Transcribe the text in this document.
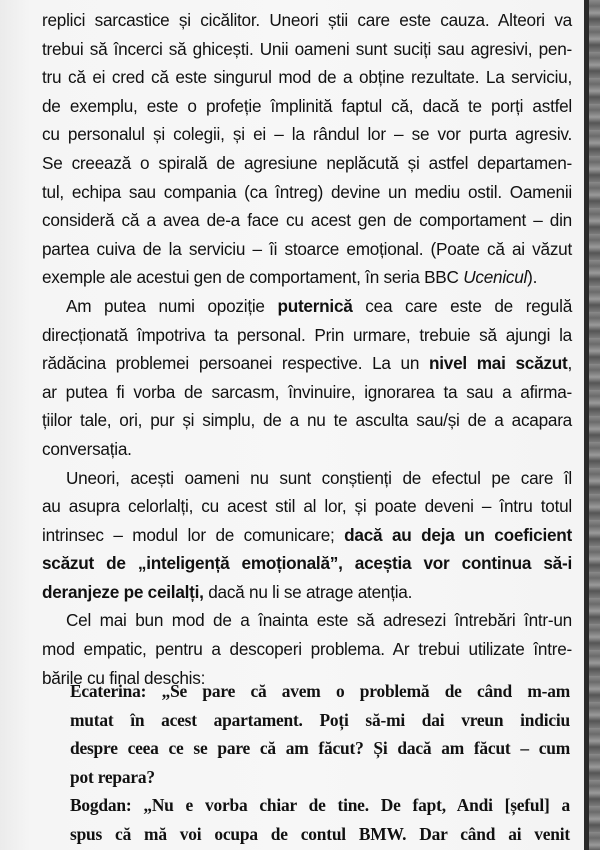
replici sarcastice și cicălitor. Uneori știi care este cauza. Alteori va
trebui să încerci să ghicești. Unii oameni sunt suciți sau agresivi, pen-
tru că ei cred că este singurul mod de a obține rezultate. La serviciu,
de exemplu, este o profeție împlinită faptul că, dacă te porți astfel
cu personalul și colegii, și ei – la rândul lor – se vor purta agresiv.
Se creează o spirală de agresiune neplăcută și astfel departamen-
tul, echipa sau compania (ca întreg) devine un mediu ostil. Oamenii
consideră că a avea de-a face cu acest gen de comportament – din
partea cuiva de la serviciu – îi stoarce emoțional. (Poate că ai văzut
exemple ale acestui gen de comportament, în seria BBC Ucenicul).
Am putea numi opoziție puternică cea care este de regulă
direcționată împotriva ta personal. Prin urmare, trebuie să ajungi la
rădăcina problemei persoanei respective. La un nivel mai scăzut,
ar putea fi vorba de sarcasm, învinuire, ignorarea ta sau a afirma-
țiilor tale, ori, pur și simplu, de a nu te asculta sau/și de a acapara
conversația.
Uneori, acești oameni nu sunt conștienți de efectul pe care îl
au asupra celorlalți, cu acest stil al lor, și poate deveni – întru totul
intrinsec – modul lor de comunicare; dacă au deja un coeficient
scăzut de „inteligență emoțională”, aceștia vor continua să-i
deranjeze pe ceilalți, dacă nu li se atrage atenția.
Cel mai bun mod de a înainta este să adresezi întrebări într-un
mod empatic, pentru a descoperi problema. Ar trebui utilizate între-
bările cu final deschis:
Ecaterina: „Se pare că avem o problemă de când m-am
mutat în acest apartament. Poți să-mi dai vreun indiciu
despre ceea ce se pare că am făcut? Și dacă am făcut – cum
pot repara?
Bogdan: „Nu e vorba chiar de tine. De fapt, Andi [șeful] a
spus că mă voi ocupa de contul BMW. Dar când ai venit
